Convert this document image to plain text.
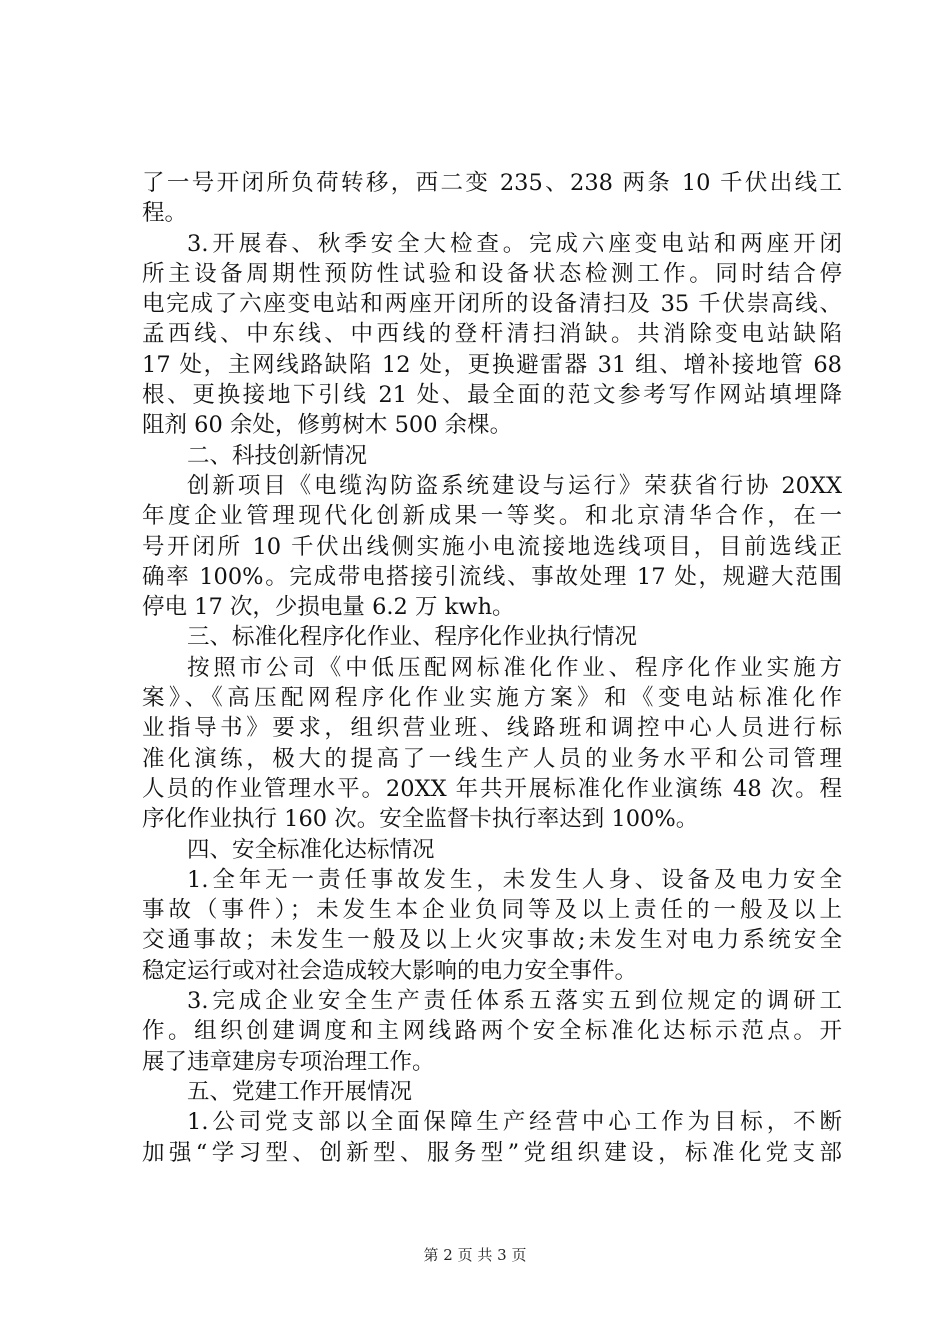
了一号开闭所负荷转移，西二变 235、238 两条 10 千伏出线工
程。
3.开展春、秋季安全大检查。完成六座变电站和两座开闭
所主设备周期性预防性试验和设备状态检测工作。同时结合停
电完成了六座变电站和两座开闭所的设备清扫及 35 千伏崇高线、
孟西线、中东线、中西线的登杆清扫消缺。共消除变电站缺陷
17 处，主网线路缺陷 12 处，更换避雷器 31 组、增补接地管 68
根、更换接地下引线 21 处、最全面的范文参考写作网站填埋降
阻剂 60 余处，修剪树木 500 余棵。
二、科技创新情况
创新项目《电缆沟防盗系统建设与运行》荣获省行协 20XX
年度企业管理现代化创新成果一等奖。和北京清华合作，在一
号开闭所 10 千伏出线侧实施小电流接地选线项目，目前选线正
确率 100%。完成带电搭接引流线、事故处理 17 处，规避大范围
停电 17 次，少损电量 6.2 万 kwh。
三、标准化程序化作业、程序化作业执行情况
按照市公司《中低压配网标准化作业、程序化作业实施方
案》、《高压配网程序化作业实施方案》和《变电站标准化作
业指导书》要求，组织营业班、线路班和调控中心人员进行标
准化演练，极大的提高了一线生产人员的业务水平和公司管理
人员的作业管理水平。20XX 年共开展标准化作业演练 48 次。程
序化作业执行 160 次。安全监督卡执行率达到 100%。
四、安全标准化达标情况
1.全年无一责任事故发生，未发生人身、设备及电力安全
事故（事件）；未发生本企业负同等及以上责任的一般及以上
交通事故；未发生一般及以上火灾事故;未发生对电力系统安全
稳定运行或对社会造成较大影响的电力安全事件。
3.完成企业安全生产责任体系五落实五到位规定的调研工
作。组织创建调度和主网线路两个安全标准化达标示范点。开
展了违章建房专项治理工作。
五、党建工作开展情况
1.公司党支部以全面保障生产经营中心工作为目标，不断
加强“学习型、创新型、服务型”党组织建设，标准化党支部
第 2 页 共 3 页
